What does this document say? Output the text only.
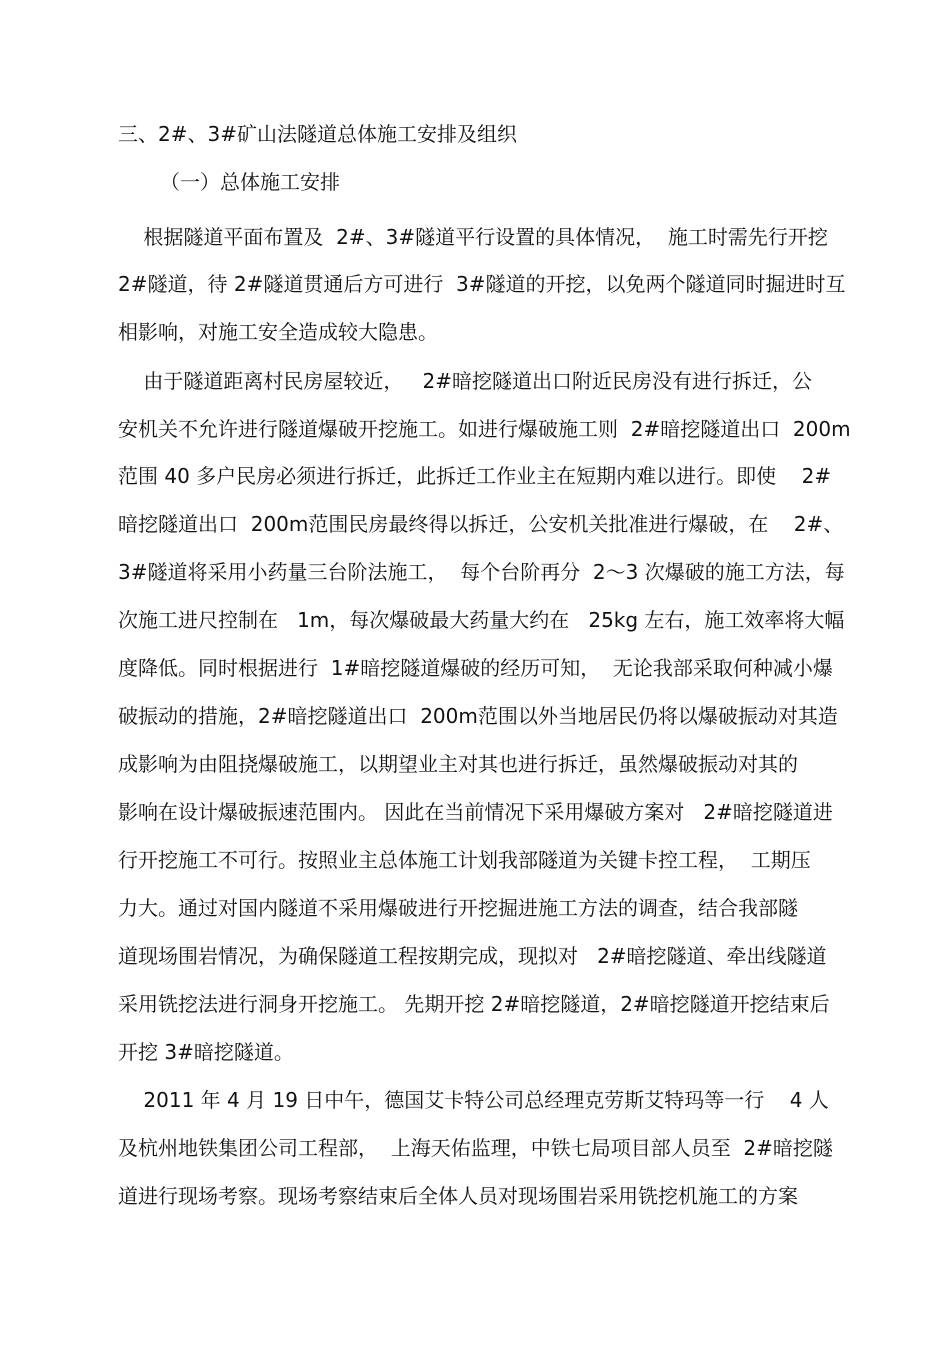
三、2#、3#矿山法隧道总体施工安排及组织
（一）总体施工安排
根据隧道平面布置及  2#、3#隧道平行设置的具体情况，  施工时需先行开挖
2#隧道，待 2#隧道贯通后方可进行  3#隧道的开挖，以免两个隧道同时掘进时互
相影响，对施工安全造成较大隐患。
由于隧道距离村民房屋较近，   2#暗挖隧道出口附近民房没有进行拆迁，公
安机关不允许进行隧道爆破开挖施工。如进行爆破施工则  2#暗挖隧道出口  200m
范围 40 多户民房必须进行拆迁，此拆迁工作业主在短期内难以进行。即使    2#
暗挖隧道出口  200m范围民房最终得以拆迁，公安机关批准进行爆破，在    2#、
3#隧道将采用小药量三台阶法施工，  每个台阶再分  2～3 次爆破的施工方法，每
次施工进尺控制在   1m，每次爆破最大药量大约在   25kg 左右，施工效率将大幅
度降低。同时根据进行  1#暗挖隧道爆破的经历可知，  无论我部采取何种减小爆
破振动的措施，2#暗挖隧道出口  200m范围以外当地居民仍将以爆破振动对其造
成影响为由阻挠爆破施工，以期望业主对其也进行拆迁，虽然爆破振动对其的
影响在设计爆破振速范围内。 因此在当前情况下采用爆破方案对   2#暗挖隧道进
行开挖施工不可行。按照业主总体施工计划我部隧道为关键卡控工程，  工期压
力大。通过对国内隧道不采用爆破进行开挖掘进施工方法的调查，结合我部隧
道现场围岩情况，为确保隧道工程按期完成，现拟对   2#暗挖隧道、牵出线隧道
采用铣挖法进行洞身开挖施工。 先期开挖 2#暗挖隧道，2#暗挖隧道开挖结束后
开挖 3#暗挖隧道。
2011 年 4 月 19 日中午，德国艾卡特公司总经理克劳斯艾特玛等一行    4 人
及杭州地铁集团公司工程部，  上海天佑监理，中铁七局项目部人员至  2#暗挖隧
道进行现场考察。现场考察结束后全体人员对现场围岩采用铣挖机施工的方案
